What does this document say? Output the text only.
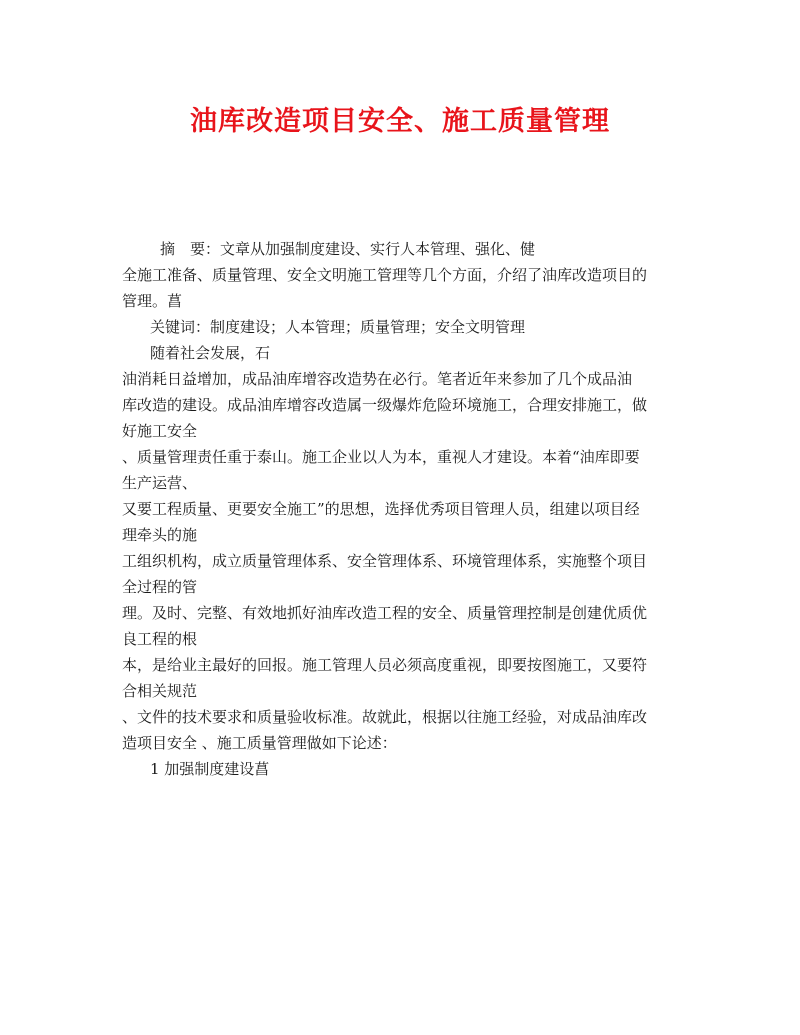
油库改造项目安全、施工质量管理
摘　要：文章从加强制度建设、实行人本管理、强化、健
全施工准备、质量管理、安全文明施工管理等几个方面，介绍了油库改造项目的
管理。菖
关键词：制度建设；人本管理；质量管理；安全文明管理
随着社会发展，石
油消耗日益增加，成品油库增容改造势在必行。笔者近年来参加了几个成品油
库改造的建设。成品油库增容改造属一级爆炸危险环境施工，合理安排施工，做
好施工安全
、质量管理责任重于泰山。施工企业以人为本，重视人才建设。本着“油库即要
生产运营、
又要工程质量、更要安全施工”的思想，选择优秀项目管理人员，组建以项目经
理牵头的施
工组织机构，成立质量管理体系、安全管理体系、环境管理体系，实施整个项目
全过程的管
理。及时、完整、有效地抓好油库改造工程的安全、质量管理控制是创建优质优
良工程的根
本，是给业主最好的回报。施工管理人员必须高度重视，即要按图施工，又要符
合相关规范
、文件的技术要求和质量验收标准。故就此，根据以往施工经验，对成品油库改
造项目安全 、施工质量管理做如下论述：
1 加强制度建设菖
